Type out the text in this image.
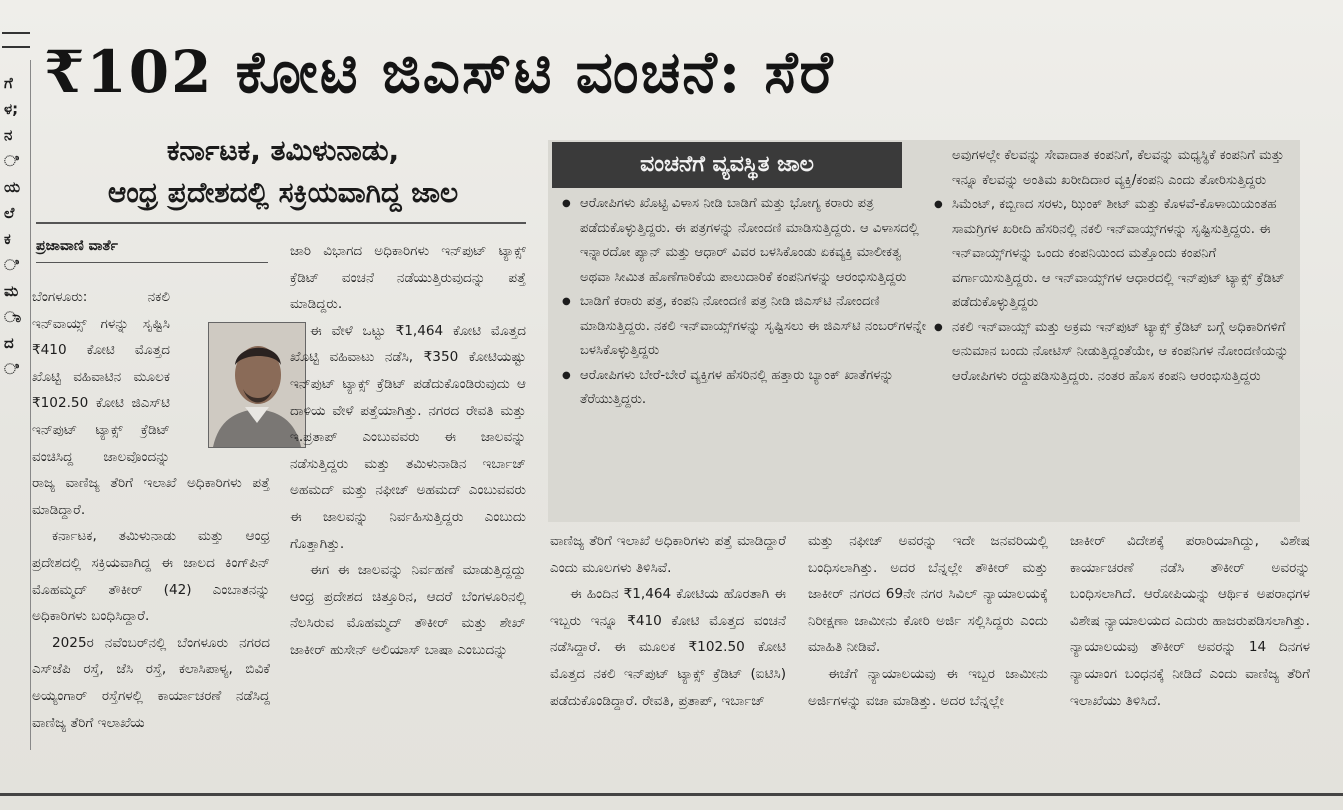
ಗೆ
ಳ;
ನ
ಿ
ಯ
ಲೆ
ಕ
ಿ
ಮ
ಾ
ದ
ಿ
₹102 ಕೋಟಿ ಜಿಎಸ್‌ಟಿ ವಂಚನೆ: ಸೆರೆ
ಕರ್ನಾಟಕ, ತಮಿಳುನಾಡು,
ಆಂಧ್ರ ಪ್ರದೇಶದಲ್ಲಿ ಸಕ್ರಿಯವಾಗಿದ್ದ ಜಾಲ
ಪ್ರಜಾವಾಣಿ ವಾರ್ತೆ

ಬೆಂಗಳೂರು: ನಕಲಿ ಇನ್‌ವಾಯ್ಸ್ ಗಳನ್ನು ಸೃಷ್ಟಿಸಿ ₹410 ಕೋಟಿ ಮೊತ್ತದ ಖೊಟ್ಟಿ ವಹಿವಾಟಿನ ಮೂಲಕ ₹102.50 ಕೋಟಿ ಜಿಎಸ್‌ಟಿ ಇನ್‌ಪುಟ್ ಟ್ಯಾಕ್ಸ್ ಕ್ರೆಡಿಟ್ ವಂಚಿಸಿದ್ದ ಜಾಲವೊಂದನ್ನು ರಾಜ್ಯ ವಾಣಿಜ್ಯ ತೆರಿಗೆ ಇಲಾಖೆ ಅಧಿಕಾರಿಗಳು ಪತ್ತೆ ಮಾಡಿದ್ದಾರೆ.

ಕರ್ನಾಟಕ, ತಮಿಳುನಾಡು ಮತ್ತು ಆಂಧ್ರ ಪ್ರದೇಶದಲ್ಲಿ ಸಕ್ರಿಯವಾಗಿದ್ದ ಈ ಜಾಲದ ಕಿಂಗ್‌ಪಿನ್ ಮೊಹಮ್ಮದ್ ತೌಕೀರ್ (42) ಎಂಬಾತನನ್ನು ಅಧಿಕಾರಿಗಳು ಬಂಧಿಸಿದ್ದಾರೆ.

2025ರ ನವೆಂಬರ್‌ನಲ್ಲಿ ಬೆಂಗಳೂರು ನಗರದ ಎಸ್‌ಜೆಪಿ ರಸ್ತೆ, ಜೆಸಿ ರಸ್ತೆ, ಕಲಾಸಿಪಾಳ್ಯ, ಬಿವಿಕೆ ಅಯ್ಯಂಗಾರ್ ರಸ್ತೆಗಳಲ್ಲಿ ಕಾರ್ಯಾಚರಣೆ ನಡೆಸಿದ್ದ ವಾಣಿಜ್ಯ ತೆರಿಗೆ ಇಲಾಖೆಯ

ಜಾರಿ ವಿಭಾಗದ ಅಧಿಕಾರಿಗಳು ಇನ್‌ಪುಟ್ ಟ್ಯಾಕ್ಸ್ ಕ್ರೆಡಿಟ್ ವಂಚನೆ ನಡೆಯುತ್ತಿರುವುದನ್ನು ಪತ್ತೆ ಮಾಡಿದ್ದರು.

ಈ ವೇಳೆ ಒಟ್ಟು ₹1,464 ಕೋಟಿ ಮೊತ್ತದ ಖೊಟ್ಟಿ ವಹಿವಾಟು ನಡೆಸಿ, ₹350 ಕೋಟಿಯಷ್ಟು ಇನ್‌ಪುಟ್ ಟ್ಯಾಕ್ಸ್ ಕ್ರೆಡಿಟ್ ಪಡೆದುಕೊಂಡಿರುವುದು ಆ ದಾಳಿಯ ವೇಳೆ ಪತ್ತೆಯಾಗಿತ್ತು. ನಗರದ ರೇವತಿ ಮತ್ತು ಇ.ಪ್ರತಾಪ್ ಎಂಬುವವರು ಈ ಜಾಲವನ್ನು ನಡೆಸುತ್ತಿದ್ದರು ಮತ್ತು ತಮಿಳುನಾಡಿನ ಇರ್ಬಾಜ್ ಅಹಮದ್ ಮತ್ತು ನಫೀಜ್ ಅಹಮದ್ ಎಂಬುವವರು ಈ ಜಾಲವನ್ನು ನಿರ್ವಹಿಸುತ್ತಿದ್ದರು ಎಂಬುದು ಗೊತ್ತಾಗಿತ್ತು.

ಈಗ ಈ ಜಾಲವನ್ನು ನಿರ್ವಹಣೆ ಮಾಡುತ್ತಿದ್ದದ್ದು ಆಂಧ್ರ ಪ್ರದೇಶದ ಚಿತ್ತೂರಿನ, ಆದರೆ ಬೆಂಗಳೂರಿನಲ್ಲಿ ನೆಲಸಿರುವ ಮೊಹಮ್ಮದ್ ತೌಕೀರ್ ಮತ್ತು ಶೇಖ್ ಜಾಕೀರ್ ಹುಸೇನ್ ಅಲಿಯಾಸ್ ಬಾಷಾ ಎಂಬುದನ್ನು

ವಂಚನೆಗೆ ವ್ಯವಸ್ಥಿತ ಜಾಲ
● ಆರೋಪಿಗಳು ಖೊಟ್ಟಿ ವಿಳಾಸ ನೀಡಿ ಬಾಡಿಗೆ ಮತ್ತು ಭೋಗ್ಯ ಕರಾರು ಪತ್ರ ಪಡೆದುಕೊಳ್ಳುತ್ತಿದ್ದರು. ಈ ಪತ್ರಗಳನ್ನು ನೋಂದಣಿ ಮಾಡಿಸುತ್ತಿದ್ದರು. ಆ ವಿಳಾಸದಲ್ಲಿ ಇನ್ನಾರದೋ ಪ್ಯಾನ್ ಮತ್ತು ಆಧಾರ್ ವಿವರ ಬಳಸಿಕೊಂಡು ಏಕವ್ಯಕ್ತಿ ಮಾಲೀಕತ್ವ ಅಥವಾ ಸೀಮಿತ ಹೊಣೆಗಾರಿಕೆಯ ಪಾಲುದಾರಿಕೆ ಕಂಪನಿಗಳನ್ನು ಆರಂಭಿಸುತ್ತಿದ್ದರು
● ಬಾಡಿಗೆ ಕರಾರು ಪತ್ರ, ಕಂಪನಿ ನೋಂದಣಿ ಪತ್ರ ನೀಡಿ ಜಿಎಸ್‌ಟಿ ನೋಂದಣಿ ಮಾಡಿಸುತ್ತಿದ್ದರು. ನಕಲಿ ಇನ್‌ವಾಯ್ಸ್‌ಗಳನ್ನು ಸೃಷ್ಟಿಸಲು ಈ ಜಿಎಸ್‌ಟಿ ನಂಬರ್‌ಗಳನ್ನೇ ಬಳಸಿಕೊಳ್ಳುತ್ತಿದ್ದರು
● ಆರೋಪಿಗಳು ಬೇರೆ-ಬೇರೆ ವ್ಯಕ್ತಿಗಳ ಹೆಸರಿನಲ್ಲಿ ಹತ್ತಾರು ಬ್ಯಾಂಕ್ ಖಾತೆಗಳನ್ನು ತೆರೆಯುತ್ತಿದ್ದರು.
ಅವುಗಳಲ್ಲೇ ಕೆಲವನ್ನು ಸೇವಾದಾತ ಕಂಪನಿಗೆ, ಕೆಲವನ್ನು ಮಧ್ಯಸ್ಥಿಕೆ ಕಂಪನಿಗೆ ಮತ್ತು ಇನ್ನೂ ಕೆಲವನ್ನು ಅಂತಿಮ ಖರೀದಿದಾರ ವ್ಯಕ್ತಿ/ಕಂಪನಿ ಎಂದು ತೋರಿಸುತ್ತಿದ್ದರು
● ಸಿಮೆಂಟ್, ಕಬ್ಬಿಣದ ಸರಳು, ಝಿಂಕ್ ಶೀಟ್ ಮತ್ತು ಕೊಳವೆ-ಕೊಳಾಯಿಯಂತಹ ಸಾಮಗ್ರಿಗಳ ಖರೀದಿ ಹೆಸರಿನಲ್ಲಿ ನಕಲಿ ಇನ್‌ವಾಯ್ಸ್‌ಗಳನ್ನು ಸೃಷ್ಟಿಸುತ್ತಿದ್ದರು. ಈ ಇನ್‌ವಾಯ್ಸ್‌ಗಳನ್ನು ಒಂದು ಕಂಪನಿಯಿಂದ ಮತ್ತೊಂದು ಕಂಪನಿಗೆ ವರ್ಗಾಯಿಸುತ್ತಿದ್ದರು. ಆ ಇನ್‌ವಾಯ್ಸ್‌ಗಳ ಆಧಾರದಲ್ಲಿ ಇನ್‌ಪುಟ್ ಟ್ಯಾಕ್ಸ್ ಕ್ರೆಡಿಟ್ ಪಡೆದುಕೊಳ್ಳುತ್ತಿದ್ದರು
● ನಕಲಿ ಇನ್‌ವಾಯ್ಸ್ ಮತ್ತು ಅಕ್ರಮ ಇನ್‌ಪುಟ್ ಟ್ಯಾಕ್ಸ್ ಕ್ರೆಡಿಟ್ ಬಗ್ಗೆ ಅಧಿಕಾರಿಗಳಿಗೆ ಅನುಮಾನ ಬಂದು ನೋಟಿಸ್ ನೀಡುತ್ತಿದ್ದಂತೆಯೇ, ಆ ಕಂಪನಿಗಳ ನೋಂದಣಿಯನ್ನು ಆರೋಪಿಗಳು ರದ್ದುಪಡಿಸುತ್ತಿದ್ದರು. ನಂತರ ಹೊಸ ಕಂಪನಿ ಆರಂಭಿಸುತ್ತಿದ್ದರು

ವಾಣಿಜ್ಯ ತೆರಿಗೆ ಇಲಾಖೆ ಅಧಿಕಾರಿಗಳು ಪತ್ತೆ ಮಾಡಿದ್ದಾರೆ ಎಂದು ಮೂಲಗಳು ತಿಳಿಸಿವೆ.

ಈ ಹಿಂದಿನ ₹1,464 ಕೋಟಿಯ ಹೊರತಾಗಿ ಈ ಇಬ್ಬರು ಇನ್ನೂ ₹410 ಕೋಟಿ ಮೊತ್ತದ ವಂಚನೆ ನಡೆಸಿದ್ದಾರೆ. ಈ ಮೂಲಕ ₹102.50 ಕೋಟಿ ಮೊತ್ತದ ನಕಲಿ ಇನ್‌ಪುಟ್ ಟ್ಯಾಕ್ಸ್ ಕ್ರೆಡಿಟ್ (ಐಟಿಸಿ) ಪಡೆದುಕೊಂಡಿದ್ದಾರೆ. ರೇವತಿ, ಪ್ರತಾಪ್, ಇರ್ಬಾಜ್

ಮತ್ತು ನಫೀಜ್ ಅವರನ್ನು ಇದೇ ಜನವರಿಯಲ್ಲಿ ಬಂಧಿಸಲಾಗಿತ್ತು. ಅದರ ಬೆನ್ನಲ್ಲೇ ತೌಕೀರ್ ಮತ್ತು ಜಾಕೀರ್ ನಗರದ 69ನೇ ನಗರ ಸಿವಿಲ್ ನ್ಯಾಯಾಲಯಕ್ಕೆ ನಿರೀಕ್ಷಣಾ ಜಾಮೀನು ಕೋರಿ ಅರ್ಜಿ ಸಲ್ಲಿಸಿದ್ದರು ಎಂದು ಮಾಹಿತಿ ನೀಡಿವೆ.

ಈಚೆಗೆ ನ್ಯಾಯಾಲಯವು ಈ ಇಬ್ಬರ ಜಾಮೀನು ಅರ್ಜಿಗಳನ್ನು ವಜಾ ಮಾಡಿತ್ತು. ಅದರ ಬೆನ್ನಲ್ಲೇ

ಜಾಕೀರ್ ವಿದೇಶಕ್ಕೆ ಪರಾರಿಯಾಗಿದ್ದು, ವಿಶೇಷ ಕಾರ್ಯಾಚರಣೆ ನಡೆಸಿ ತೌಕೀರ್ ಅವರನ್ನು ಬಂಧಿಸಲಾಗಿದೆ. ಆರೋಪಿಯನ್ನು ಆರ್ಥಿಕ ಅಪರಾಧಗಳ ವಿಶೇಷ ನ್ಯಾಯಾಲಯದ ಎದುರು ಹಾಜರುಪಡಿಸಲಾಗಿತ್ತು. ನ್ಯಾಯಾಲಯವು ತೌಕೀರ್ ಅವರನ್ನು 14 ದಿನಗಳ ನ್ಯಾಯಾಂಗ ಬಂಧನಕ್ಕೆ ನೀಡಿದೆ ಎಂದು ವಾಣಿಜ್ಯ ತೆರಿಗೆ ಇಲಾಖೆಯು ತಿಳಿಸಿದೆ.
